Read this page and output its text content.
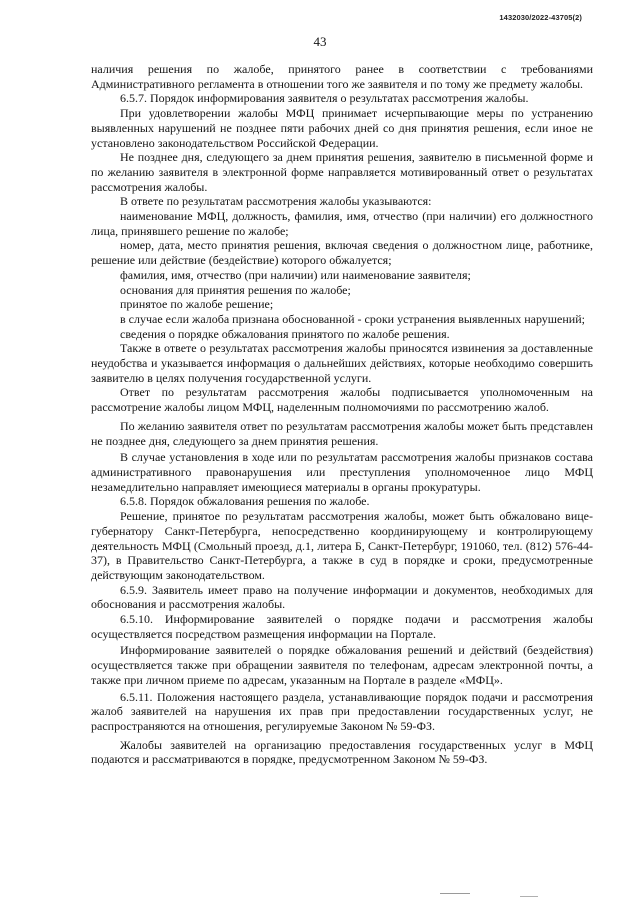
1432030/2022-43705(2)
43

наличия решения по жалобе, принятого ранее в соответствии с требованиями Административного регламента в отношении того же заявителя и по тому же предмету жалобы.

6.5.7. Порядок информирования заявителя о результатах рассмотрения жалобы.

При удовлетворении жалобы МФЦ принимает исчерпывающие меры по устранению выявленных нарушений не позднее пяти рабочих дней со дня принятия решения, если иное не установлено законодательством Российской Федерации.

Не позднее дня, следующего за днем принятия решения, заявителю в письменной форме и по желанию заявителя в электронной форме направляется мотивированный ответ о результатах рассмотрения жалобы.

В ответе по результатам рассмотрения жалобы указываются:

наименование МФЦ, должность, фамилия, имя, отчество (при наличии) его должностного лица, принявшего решение по жалобе;

номер, дата, место принятия решения, включая сведения о должностном лице, работнике, решение или действие (бездействие) которого обжалуется;

фамилия, имя, отчество (при наличии) или наименование заявителя;

основания для принятия решения по жалобе;

принятое по жалобе решение;

в случае если жалоба признана обоснованной - сроки устранения выявленных нарушений;

сведения о порядке обжалования принятого по жалобе решения.

Также в ответе о результатах рассмотрения жалобы приносятся извинения за доставленные неудобства и указывается информация о дальнейших действиях, которые необходимо совершить заявителю в целях получения государственной услуги.

Ответ по результатам рассмотрения жалобы подписывается уполномоченным на рассмотрение жалобы лицом МФЦ, наделенным полномочиями по рассмотрению жалоб.

По желанию заявителя ответ по результатам рассмотрения жалобы может быть представлен не позднее дня, следующего за днем принятия решения.

В случае установления в ходе или по результатам рассмотрения жалобы признаков состава административного правонарушения или преступления уполномоченное лицо МФЦ незамедлительно направляет имеющиеся материалы в органы прокуратуры.

6.5.8. Порядок обжалования решения по жалобе.

Решение, принятое по результатам рассмотрения жалобы, может быть обжаловано вице-губернатору Санкт-Петербурга, непосредственно координирующему и контролирующему деятельность МФЦ (Смольный проезд, д.1, литера Б, Санкт-Петербург, 191060, тел. (812) 576-44-37), в Правительство Санкт-Петербурга, а также в суд в порядке и сроки, предусмотренные действующим законодательством.

6.5.9. Заявитель имеет право на получение информации и документов, необходимых для обоснования и рассмотрения жалобы.

6.5.10. Информирование заявителей о порядке подачи и рассмотрения жалобы осуществляется посредством размещения информации на Портале.

Информирование заявителей о порядке обжалования решений и действий (бездействия) осуществляется также при обращении заявителя по телефонам, адресам электронной почты, а также при личном приеме по адресам, указанным на Портале в разделе «МФЦ».

6.5.11. Положения настоящего раздела, устанавливающие порядок подачи и рассмотрения жалоб заявителей на нарушения их прав при предоставлении государственных услуг, не распространяются на отношения, регулируемые Законом № 59-ФЗ.

Жалобы заявителей на организацию предоставления государственных услуг в МФЦ подаются и рассматриваются в порядке, предусмотренном Законом № 59-ФЗ.
